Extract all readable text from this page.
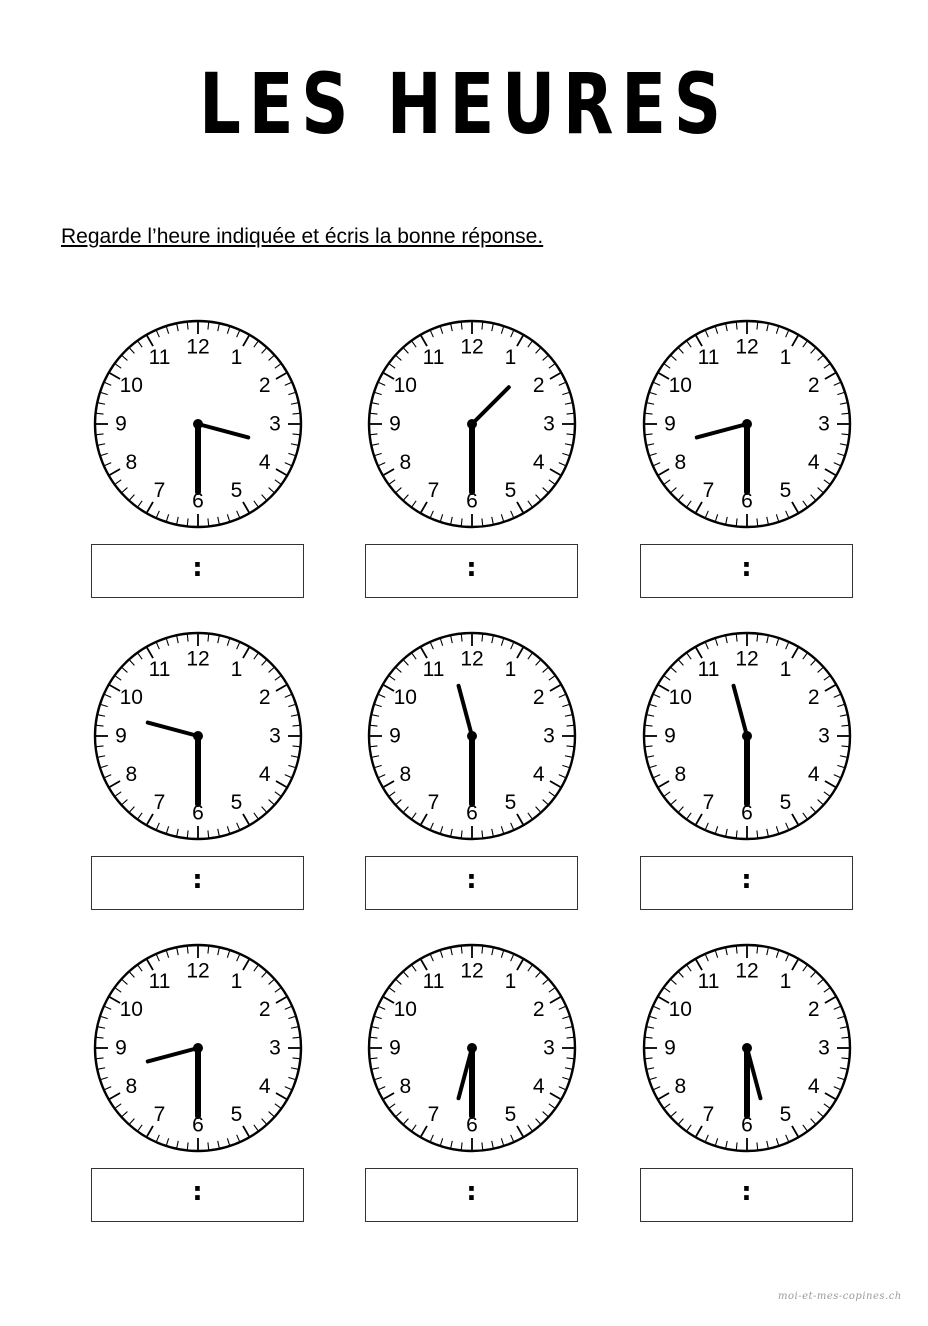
LES HEURES
Regarde l’heure indiquée et écris la bonne réponse.
12 1
2
3
4
5
6
7
8
9
10
11
:
12 1
2
3
4
5
6
7
8
9
10
11
:
12 1
2
3
4
5
6
7
8
9
10
11
:
12 1
2
3
4
5
6
7
8
9
10
11
:
12 1
2
3
4
5
6
7
8
9
10
11
:
12 1
2
3
4
5
6
7
8
9
10
11
:
12 1
2
3
4
5
6
7
8
9
10
11
:
12 1
2
3
4
5
6
7
8
9
10
11
:
12 1
2
3
4
5
6
7
8
9
10
11
:
moi-et-mes-copines.ch
